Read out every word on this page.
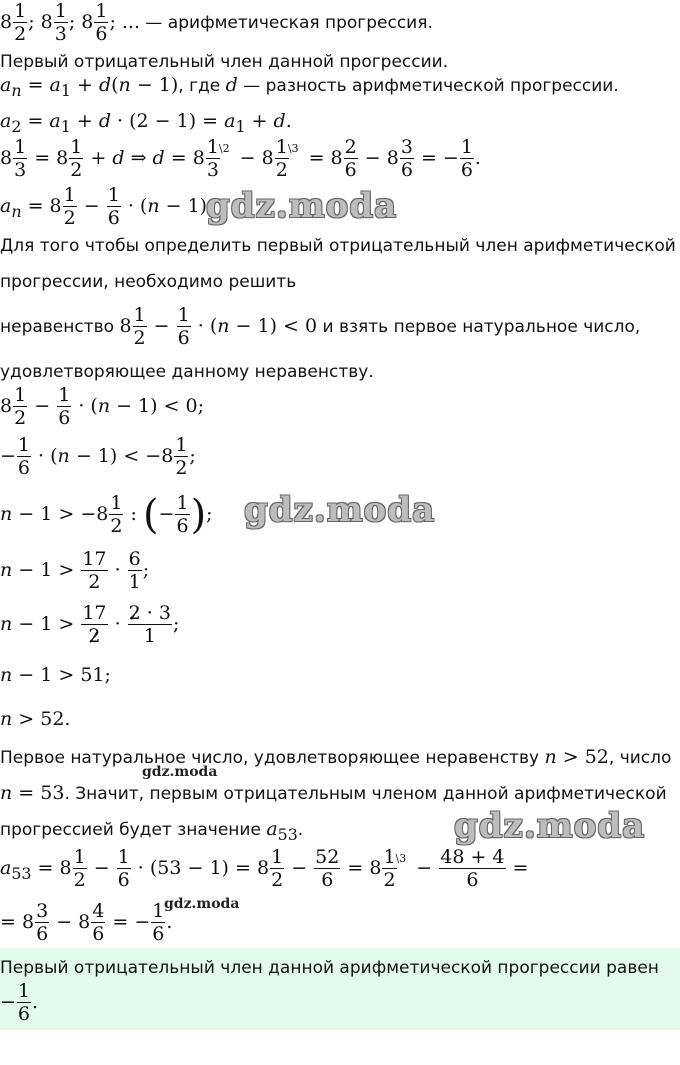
$8 \frac{1}{2}$ ; $8 \frac{1}{3}$ ; $8 \frac{1}{6}$ ; ... — арифметическая прогрессия.
Первый отрицательный член данной прогрессии.
$a_n = a_1 + d(n - 1)$, где d — разность арифметической прогрессии.
$a_2 = a_1 + d \cdot (2 - 1) = a_1 + d$.
$8 \frac{1}{3} = 8 \frac{1}{2} + d$ ⇒ $d = 8 \frac{1}{3} ^{\backslash 2} - 8 \frac{1}{2} ^{\backslash 3} = 8 \frac{2}{6} - 8 \frac{3}{6}$ = − $\frac{1}{6}$ .
$a_n = 8 \frac{1}{2} - \frac{1}{6} \cdot (n - 1)$.
gdz.moda
Для того чтобы определить первый отрицательный член арифметической
прогрессии, необходимо решить
неравенство $8 \frac{1}{2} - \frac{1}{6} \cdot (n - 1) < 0$ и взять первое натуральное число,
удовлетворяющее данному неравенству.
$8 \frac{1}{2} - \frac{1}{6} \cdot (n - 1) < 0$;
− $\frac{1}{6} \cdot (n - 1) < -8 \frac{1}{2}$ ;
$n - 1 > -8 \frac{1}{2}$ : (− $\frac{1}{6}$ ); gdz.moda
$n - 1 > \frac{17}{2} \cdot \frac{6}{1}$ ;
$n - 1 > \frac{17}{2} \cdot \frac{2 \cdot 3}{1}$ ;
n − 1 > 51;
n > 52.
Первое натуральное число, удовлетворяющее неравенству n > 52, число
gdz.moda
n = 53. Значит, первым отрицательным членом данной арифметической
прогрессией будет значение $a_{53}$.	gdz.moda
$a_{53} = 8 \frac{1}{2} - \frac{1}{6} \cdot (53 - 1) = 8 \frac{1}{2} - \frac{52}{6} = 8 \frac{1}{2} ^{\backslash 3} - \frac{48 + 4}{6}$ =
= $8 \frac{3}{6} - 8 \frac{4}{6}$ = − $\frac{1}{6}$ .
gdz.moda
Первый отрицательный член данной арифметической прогрессии равен
− $\frac{1}{6}$ .
